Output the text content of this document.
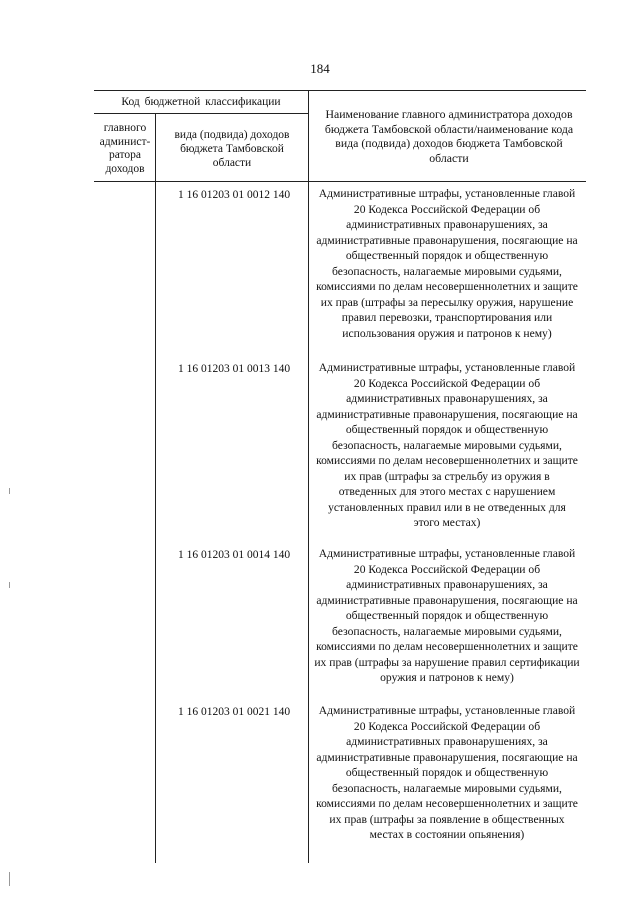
184
Код бюджетной классификации
главного админист-ратора доходов
вида (подвида) доходов бюджета Тамбовской области
Наименование главного администратора доходов бюджета Тамбовской области/наименование кода вида (подвида) доходов бюджета Тамбовской области
1 16 01203 01 0012 140	Административные штрафы, установленные главой 20 Кодекса Российской Федерации об административных правонарушениях, за административные правонарушения, посягающие на общественный порядок и общественную безопасность, налагаемые мировыми судьями, комиссиями по делам несовершеннолетних и защите их прав (штрафы за пересылку оружия, нарушение правил перевозки, транспортирования или использования оружия и патронов к нему)
1 16 01203 01 0013 140	Административные штрафы, установленные главой 20 Кодекса Российской Федерации об административных правонарушениях, за административные правонарушения, посягающие на общественный порядок и общественную безопасность, налагаемые мировыми судьями, комиссиями по делам несовершеннолетних и защите их прав (штрафы за стрельбу из оружия в отведенных для этого местах с нарушением установленных правил или в не отведенных для этого местах)
1 16 01203 01 0014 140	Административные штрафы, установленные главой 20 Кодекса Российской Федерации об административных правонарушениях, за административные правонарушения, посягающие на общественный порядок и общественную безопасность, налагаемые мировыми судьями, комиссиями по делам несовершеннолетних и защите их прав (штрафы за нарушение правил сертификации оружия и патронов к нему)
1 16 01203 01 0021 140	Административные штрафы, установленные главой 20 Кодекса Российской Федерации об административных правонарушениях, за административные правонарушения, посягающие на общественный порядок и общественную безопасность, налагаемые мировыми судьями, комиссиями по делам несовершеннолетних и защите их прав (штрафы за появление в общественных местах в состоянии опьянения)
